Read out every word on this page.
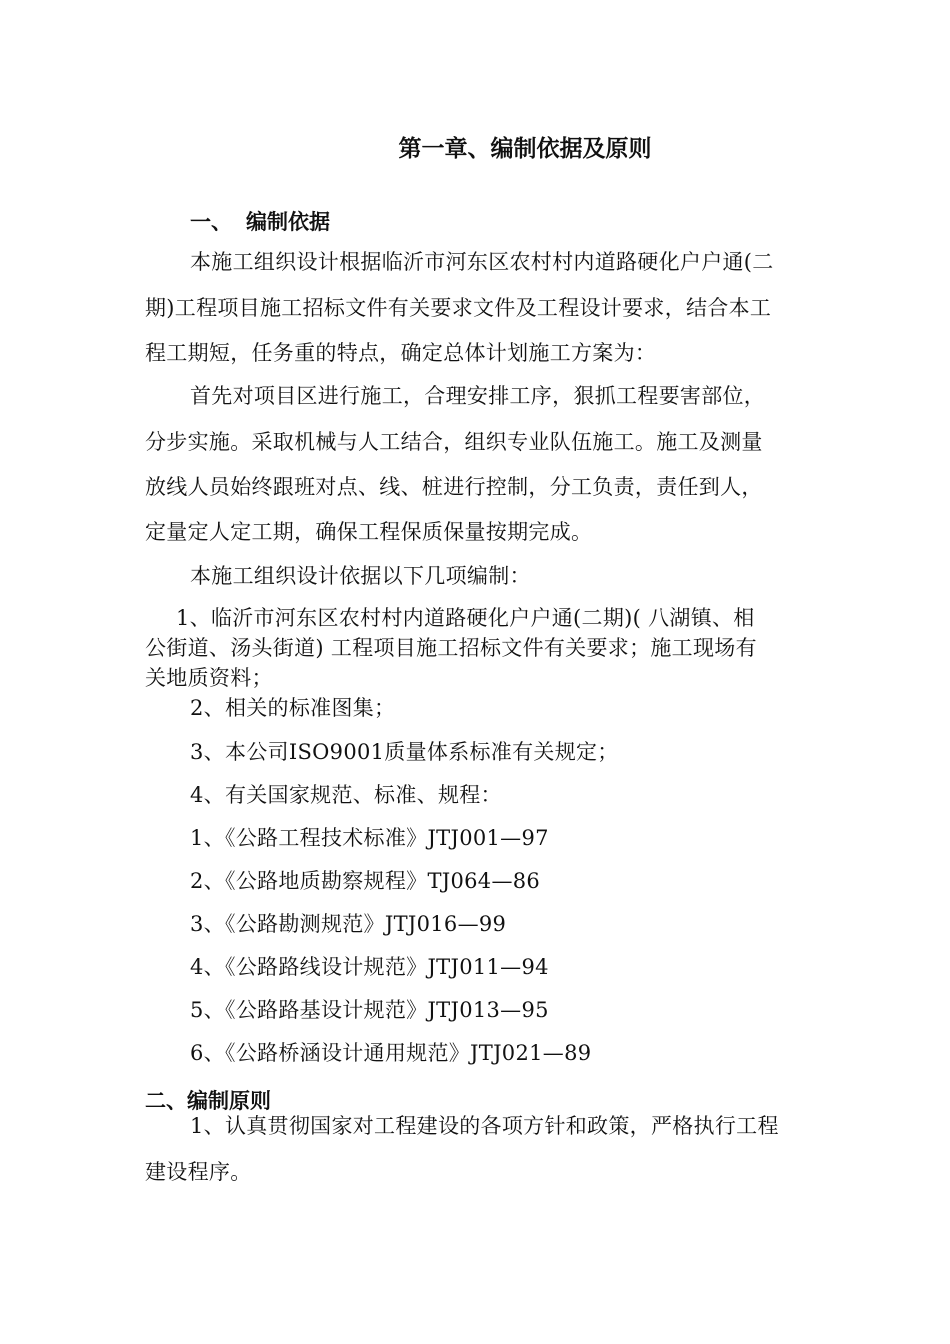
第一章、编制依据及原则
一、 编制依据
本施工组织设计根据临沂市河东区农村村内道路硬化户户通(二
期)工程项目施工招标文件有关要求文件及工程设计要求，结合本工
程工期短，任务重的特点，确定总体计划施工方案为：
首先对项目区进行施工，合理安排工序，狠抓工程要害部位，
分步实施。采取机械与人工结合，组织专业队伍施工。施工及测量
放线人员始终跟班对点、线、桩进行控制，分工负责，责任到人，
定量定人定工期，确保工程保质保量按期完成。
本施工组织设计依据以下几项编制：
1、临沂市河东区农村村内道路硬化户户通(二期)( 八湖镇、相
公街道、汤头街道) 工程项目施工招标文件有关要求；施工现场有
关地质资料；
2、相关的标准图集；
3、本公司ISO9001质量体系标准有关规定；
4、有关国家规范、标准、规程：
1、《公路工程技术标准》JTJ001—97
2、《公路地质勘察规程》TJ064—86
3、《公路勘测规范》JTJ016—99
4、《公路路线设计规范》JTJ011—94
5、《公路路基设计规范》JTJ013—95
6、《公路桥涵设计通用规范》JTJ021—89
二、编制原则
1、认真贯彻国家对工程建设的各项方针和政策，严格执行工程
建设程序。
